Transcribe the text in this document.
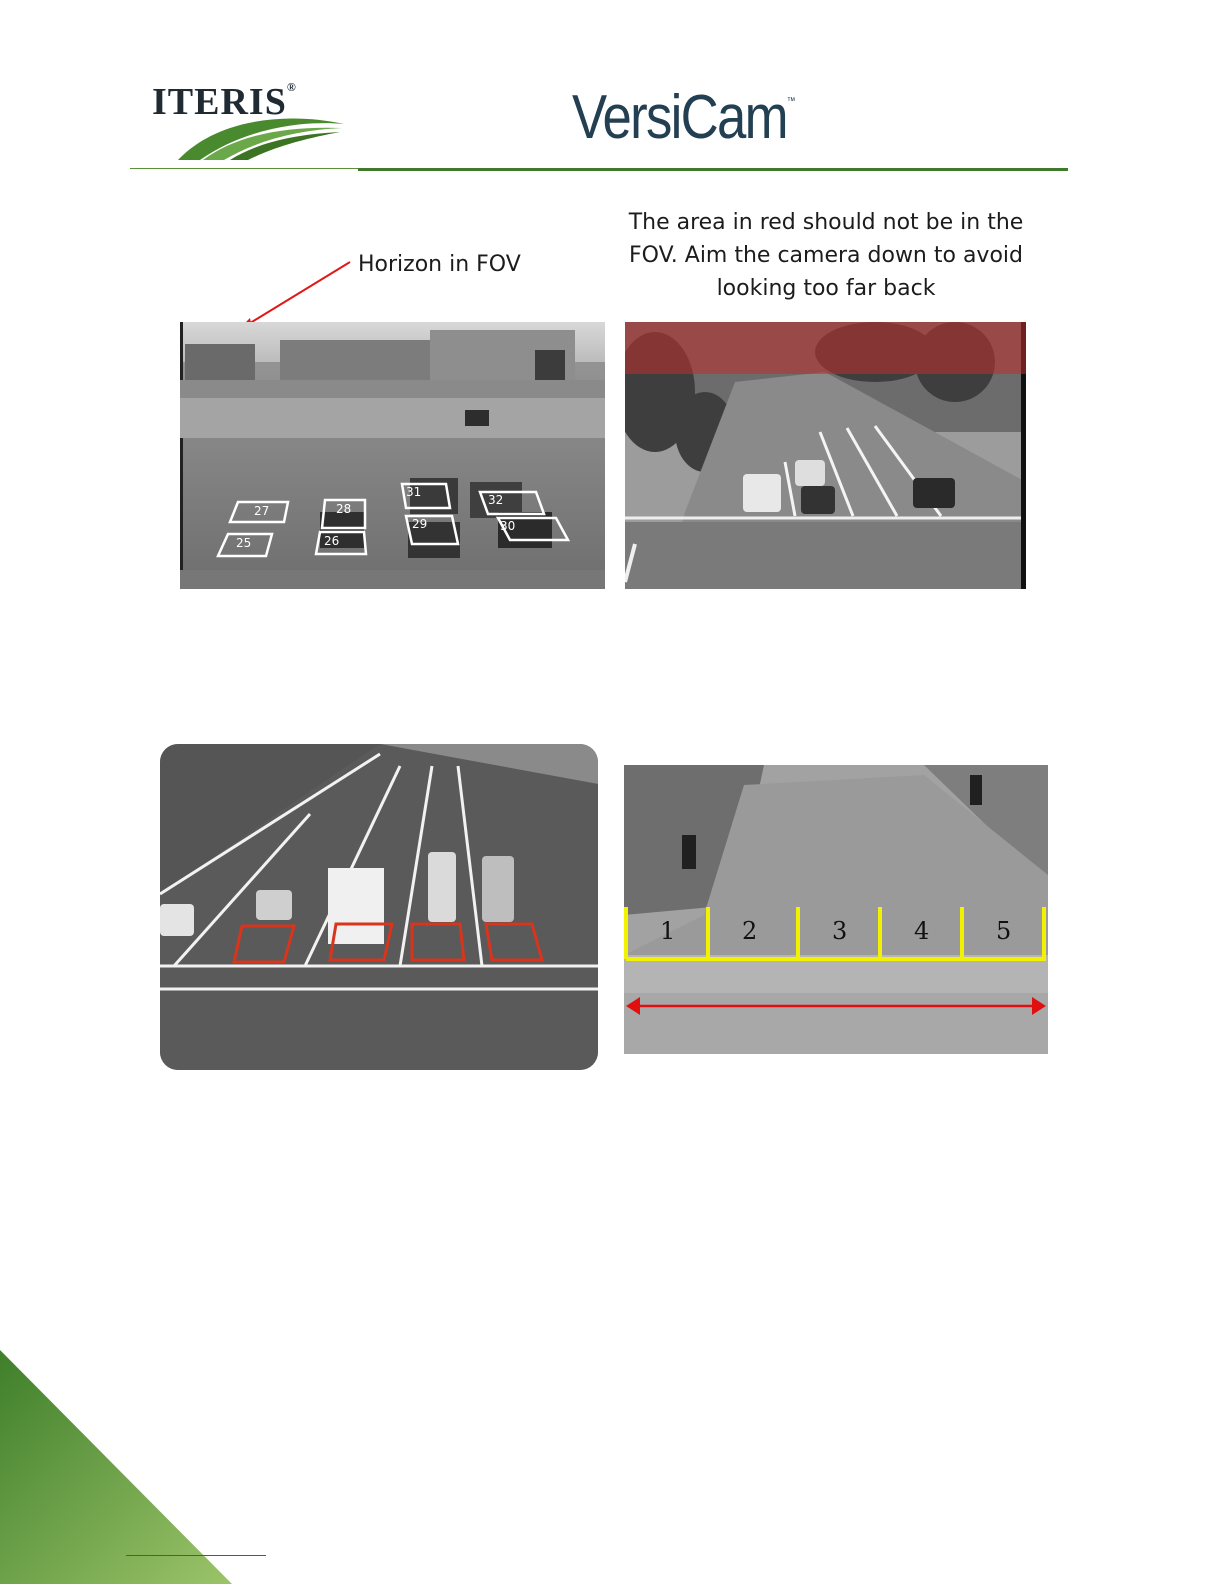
ITERIS®	VersiCam™
Horizon in FOV
The area in red should not be in the FOV. Aim the camera down to avoid looking too far back
27	28
31
32
25	26
29	30
1	2	3	4	5
